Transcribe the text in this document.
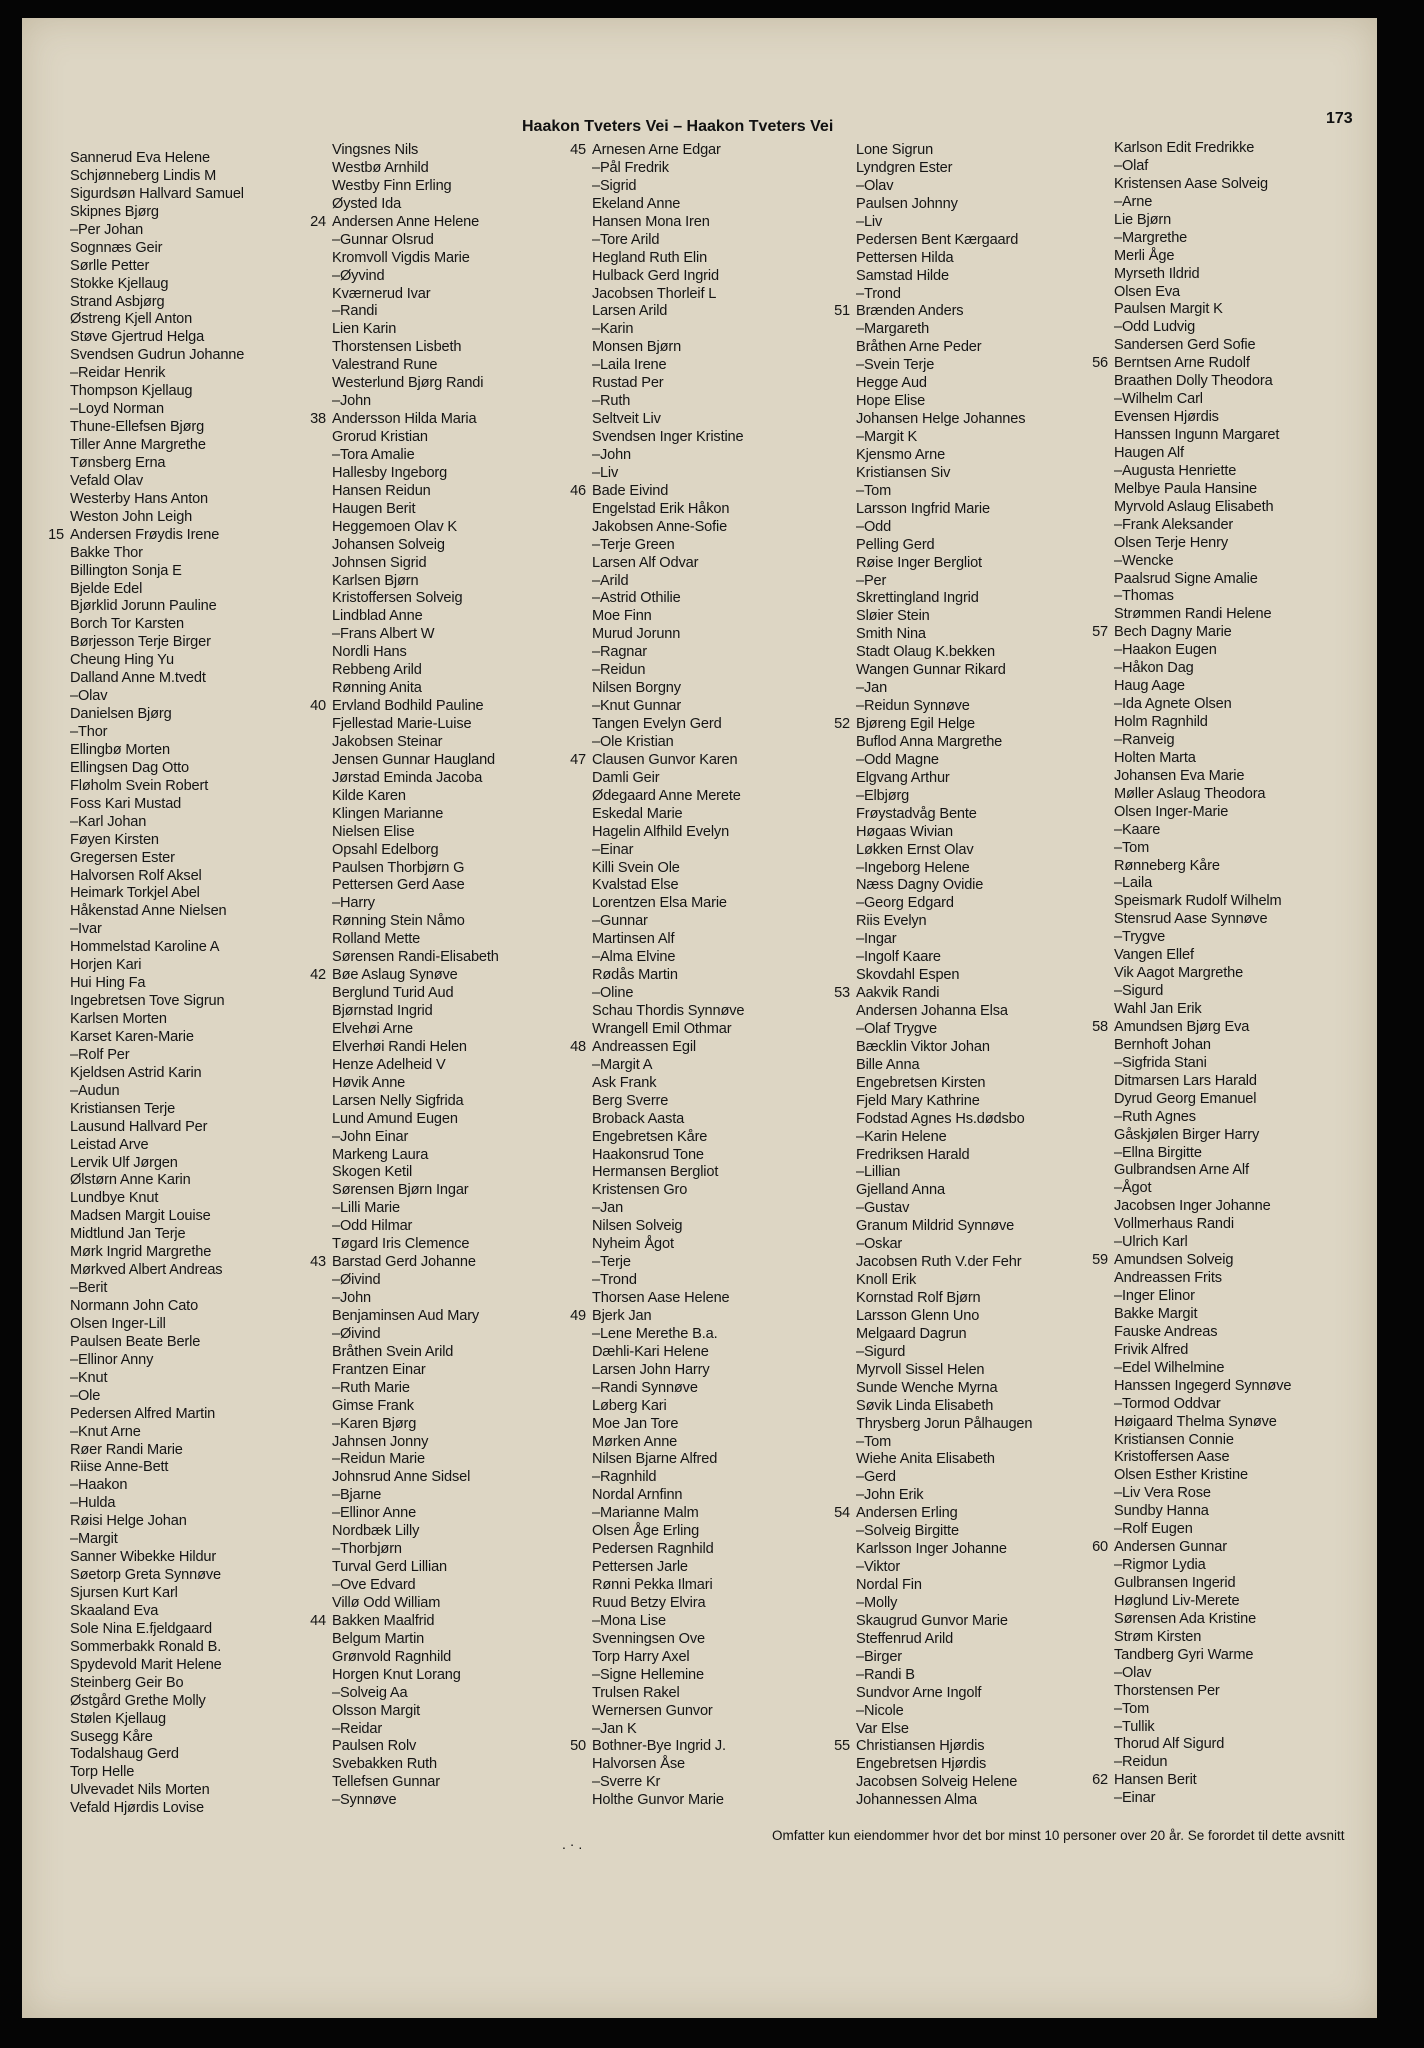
Haakon Tveters Vei – Haakon Tveters Vei	173
Sannerud Eva Helene
Schjønneberg Lindis M
Sigurdsøn Hallvard Samuel
Skipnes Bjørg
–Per Johan
Sognnæs Geir
Sørlle Petter
Stokke Kjellaug
Strand Asbjørg
Østreng Kjell Anton
Støve Gjertrud Helga
Svendsen Gudrun Johanne
–Reidar Henrik
Thompson Kjellaug
–Loyd Norman
Thune-Ellefsen Bjørg
Tiller Anne Margrethe
Tønsberg Erna
Vefald Olav
Westerby Hans Anton
Weston John Leigh
15 Andersen Frøydis Irene
Bakke Thor
Billington Sonja E
Bjelde Edel
Bjørklid Jorunn Pauline
Borch Tor Karsten
Børjesson Terje Birger
Cheung Hing Yu
Dalland Anne M.tvedt
–Olav
Danielsen Bjørg
–Thor
Ellingbø Morten
Ellingsen Dag Otto
Fløholm Svein Robert
Foss Kari Mustad
–Karl Johan
Føyen Kirsten
Gregersen Ester
Halvorsen Rolf Aksel
Heimark Torkjel Abel
Håkenstad Anne Nielsen
–Ivar
Hommelstad Karoline A
Horjen Kari
Hui Hing Fa
Ingebretsen Tove Sigrun
Karlsen Morten
Karset Karen-Marie
–Rolf Per
Kjeldsen Astrid Karin
–Audun
Kristiansen Terje
Lausund Hallvard Per
Leistad Arve
Lervik Ulf Jørgen
Ølstørn Anne Karin
Lundbye Knut
Madsen Margit Louise
Midtlund Jan Terje
Mørk Ingrid Margrethe
Mørkved Albert Andreas
–Berit
Normann John Cato
Olsen Inger-Lill
Paulsen Beate Berle
–Ellinor Anny
–Knut
–Ole
Pedersen Alfred Martin
–Knut Arne
Røer Randi Marie
Riise Anne-Bett
–Haakon
–Hulda
Røisi Helge Johan
–Margit
Sanner Wibekke Hildur
Søetorp Greta Synnøve
Sjursen Kurt Karl
Skaaland Eva
Sole Nina E.fjeldgaard
Sommerbakk Ronald B.
Spydevold Marit Helene
Steinberg Geir Bo
Østgård Grethe Molly
Stølen Kjellaug
Susegg Kåre
Todalshaug Gerd
Torp Helle
Ulvevadet Nils Morten
Vefald Hjørdis Lovise
Vingsnes Nils
Westbø Arnhild
Westby Finn Erling
Øysted Ida
24 Andersen Anne Helene
–Gunnar Olsrud
Kromvoll Vigdis Marie
–Øyvind
Kværnerud Ivar
–Randi
Lien Karin
Thorstensen Lisbeth
Valestrand Rune
Westerlund Bjørg Randi
–John
38 Andersson Hilda Maria
Grorud Kristian
–Tora Amalie
Hallesby Ingeborg
Hansen Reidun
Haugen Berit
Heggemoen Olav K
Johansen Solveig
Johnsen Sigrid
Karlsen Bjørn
Kristoffersen Solveig
Lindblad Anne
–Frans Albert W
Nordli Hans
Rebbeng Arild
Rønning Anita
40 Ervland Bodhild Pauline
Fjellestad Marie-Luise
Jakobsen Steinar
Jensen Gunnar Haugland
Jørstad Eminda Jacoba
Kilde Karen
Klingen Marianne
Nielsen Elise
Opsahl Edelborg
Paulsen Thorbjørn G
Pettersen Gerd Aase
–Harry
Rønning Stein Nåmo
Rolland Mette
Sørensen Randi-Elisabeth
42 Bøe Aslaug Synøve
Berglund Turid Aud
Bjørnstad Ingrid
Elvehøi Arne
Elverhøi Randi Helen
Henze Adelheid V
Høvik Anne
Larsen Nelly Sigfrida
Lund Amund Eugen
–John Einar
Markeng Laura
Skogen Ketil
Sørensen Bjørn Ingar
–Lilli Marie
–Odd Hilmar
Tøgard Iris Clemence
43 Barstad Gerd Johanne
–Øivind
–John
Benjaminsen Aud Mary
–Øivind
Bråthen Svein Arild
Frantzen Einar
–Ruth Marie
Gimse Frank
–Karen Bjørg
Jahnsen Jonny
–Reidun Marie
Johnsrud Anne Sidsel
–Bjarne
–Ellinor Anne
Nordbæk Lilly
–Thorbjørn
Turval Gerd Lillian
–Ove Edvard
Villø Odd William
44 Bakken Maalfrid
Belgum Martin
Grønvold Ragnhild
Horgen Knut Lorang
–Solveig Aa
Olsson Margit
–Reidar
Paulsen Rolv
Svebakken Ruth
Tellefsen Gunnar
–Synnøve
45 Arnesen Arne Edgar
–Pål Fredrik
–Sigrid
Ekeland Anne
Hansen Mona Iren
–Tore Arild
Hegland Ruth Elin
Hulback Gerd Ingrid
Jacobsen Thorleif L
Larsen Arild
–Karin
Monsen Bjørn
–Laila Irene
Rustad Per
–Ruth
Seltveit Liv
Svendsen Inger Kristine
–John
–Liv
46 Bade Eivind
Engelstad Erik Håkon
Jakobsen Anne-Sofie
–Terje Green
Larsen Alf Odvar
–Arild
–Astrid Othilie
Moe Finn
Murud Jorunn
–Ragnar
–Reidun
Nilsen Borgny
–Knut Gunnar
Tangen Evelyn Gerd
–Ole Kristian
47 Clausen Gunvor Karen
Damli Geir
Ødegaard Anne Merete
Eskedal Marie
Hagelin Alfhild Evelyn
–Einar
Killi Svein Ole
Kvalstad Else
Lorentzen Elsa Marie
–Gunnar
Martinsen Alf
–Alma Elvine
Rødås Martin
–Oline
Schau Thordis Synnøve
Wrangell Emil Othmar
48 Andreassen Egil
–Margit A
Ask Frank
Berg Sverre
Broback Aasta
Engebretsen Kåre
Haakonsrud Tone
Hermansen Bergliot
Kristensen Gro
–Jan
Nilsen Solveig
Nyheim Ågot
–Terje
–Trond
Thorsen Aase Helene
49 Bjerk Jan
–Lene Merethe B.a.
Dæhli-Kari Helene
Larsen John Harry
–Randi Synnøve
Løberg Kari
Moe Jan Tore
Mørken Anne
Nilsen Bjarne Alfred
–Ragnhild
Nordal Arnfinn
–Marianne Malm
Olsen Åge Erling
Pedersen Ragnhild
Pettersen Jarle
Rønni Pekka Ilmari
Ruud Betzy Elvira
–Mona Lise
Svenningsen Ove
Torp Harry Axel
–Signe Hellemine
Trulsen Rakel
Wernersen Gunvor
–Jan K
50 Bothner-Bye Ingrid J.
Halvorsen Åse
–Sverre Kr
Holthe Gunvor Marie
Lone Sigrun
Lyndgren Ester
–Olav
Paulsen Johnny
–Liv
Pedersen Bent Kærgaard
Pettersen Hilda
Samstad Hilde
–Trond
51 Brænden Anders
–Margareth
Bråthen Arne Peder
–Svein Terje
Hegge Aud
Hope Elise
Johansen Helge Johannes
–Margit K
Kjensmo Arne
Kristiansen Siv
–Tom
Larsson Ingfrid Marie
–Odd
Pelling Gerd
Røise Inger Bergliot
–Per
Skrettingland Ingrid
Sløier Stein
Smith Nina
Stadt Olaug K.bekken
Wangen Gunnar Rikard
–Jan
–Reidun Synnøve
52 Bjøreng Egil Helge
Buflod Anna Margrethe
–Odd Magne
Elgvang Arthur
–Elbjørg
Frøystadvåg Bente
Høgaas Wivian
Løkken Ernst Olav
–Ingeborg Helene
Næss Dagny Ovidie
–Georg Edgard
Riis Evelyn
–Ingar
–Ingolf Kaare
Skovdahl Espen
53 Aakvik Randi
Andersen Johanna Elsa
–Olaf Trygve
Bæcklin Viktor Johan
Bille Anna
Engebretsen Kirsten
Fjeld Mary Kathrine
Fodstad Agnes Hs.dødsbo
–Karin Helene
Fredriksen Harald
–Lillian
Gjelland Anna
–Gustav
Granum Mildrid Synnøve
–Oskar
Jacobsen Ruth V.der Fehr
Knoll Erik
Kornstad Rolf Bjørn
Larsson Glenn Uno
Melgaard Dagrun
–Sigurd
Myrvoll Sissel Helen
Sunde Wenche Myrna
Søvik Linda Elisabeth
Thrysberg Jorun Pålhaugen
–Tom
Wiehe Anita Elisabeth
–Gerd
–John Erik
54 Andersen Erling
–Solveig Birgitte
Karlsson Inger Johanne
–Viktor
Nordal Fin
–Molly
Skaugrud Gunvor Marie
Steffenrud Arild
–Birger
–Randi B
Sundvor Arne Ingolf
–Nicole
Var Else
55 Christiansen Hjørdis
Engebretsen Hjørdis
Jacobsen Solveig Helene
Johannessen Alma
Karlson Edit Fredrikke
–Olaf
Kristensen Aase Solveig
–Arne
Lie Bjørn
–Margrethe
Merli Åge
Myrseth Ildrid
Olsen Eva
Paulsen Margit K
–Odd Ludvig
Sandersen Gerd Sofie
56 Berntsen Arne Rudolf
Braathen Dolly Theodora
–Wilhelm Carl
Evensen Hjørdis
Hanssen Ingunn Margaret
Haugen Alf
–Augusta Henriette
Melbye Paula Hansine
Myrvold Aslaug Elisabeth
–Frank Aleksander
Olsen Terje Henry
–Wencke
Paalsrud Signe Amalie
–Thomas
Strømmen Randi Helene
57 Bech Dagny Marie
–Haakon Eugen
–Håkon Dag
Haug Aage
–Ida Agnete Olsen
Holm Ragnhild
–Ranveig
Holten Marta
Johansen Eva Marie
Møller Aslaug Theodora
Olsen Inger-Marie
–Kaare
–Tom
Rønneberg Kåre
–Laila
Speismark Rudolf Wilhelm
Stensrud Aase Synnøve
–Trygve
Vangen Ellef
Vik Aagot Margrethe
–Sigurd
Wahl Jan Erik
58 Amundsen Bjørg Eva
Bernhoft Johan
–Sigfrida Stani
Ditmarsen Lars Harald
Dyrud Georg Emanuel
–Ruth Agnes
Gåskjølen Birger Harry
–Ellna Birgitte
Gulbrandsen Arne Alf
–Ågot
Jacobsen Inger Johanne
Vollmerhaus Randi
–Ulrich Karl
59 Amundsen Solveig
Andreassen Frits
–Inger Elinor
Bakke Margit
Fauske Andreas
Frivik Alfred
–Edel Wilhelmine
Hanssen Ingegerd Synnøve
–Tormod Oddvar
Høigaard Thelma Synøve
Kristiansen Connie
Kristoffersen Aase
Olsen Esther Kristine
–Liv Vera Rose
Sundby Hanna
–Rolf Eugen
60 Andersen Gunnar
–Rigmor Lydia
Gulbransen Ingerid
Høglund Liv-Merete
Sørensen Ada Kristine
Strøm Kirsten
Tandberg Gyri Warme
–Olav
Thorstensen Per
–Tom
–Tullik
Thorud Alf Sigurd
–Reidun
62 Hansen Berit
–Einar
. · .
Omfatter kun eiendommer hvor det bor minst 10 personer over 20 år. Se forordet til dette avsnitt
